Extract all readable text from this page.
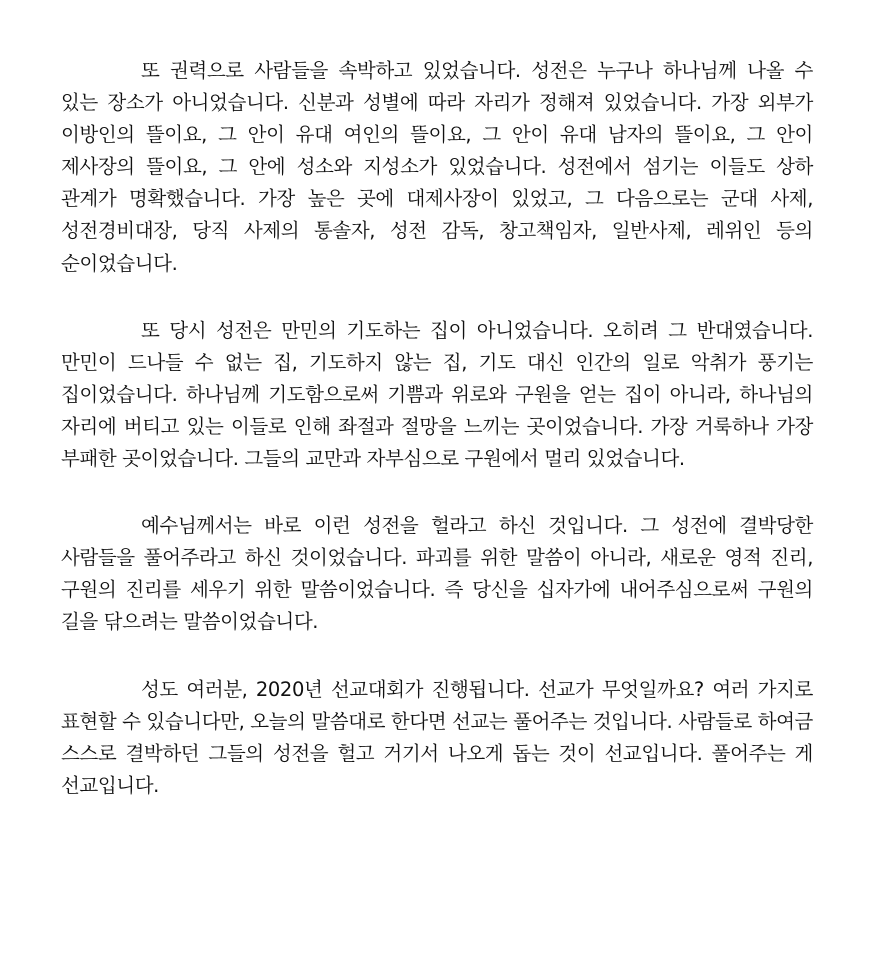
또 권력으로 사람들을 속박하고 있었습니다. 성전은 누구나 하나님께 나올 수 있는 장소가 아니었습니다. 신분과 성별에 따라 자리가 정해져 있었습니다. 가장 외부가 이방인의 뜰이요, 그 안이 유대 여인의 뜰이요, 그 안이 유대 남자의 뜰이요, 그 안이 제사장의 뜰이요, 그 안에 성소와 지성소가 있었습니다. 성전에서 섬기는 이들도 상하 관계가 명확했습니다. 가장 높은 곳에 대제사장이 있었고, 그 다음으로는 군대 사제, 성전경비대장, 당직 사제의 통솔자, 성전 감독, 창고책임자, 일반사제, 레위인 등의 순이었습니다.

또 당시 성전은 만민의 기도하는 집이 아니었습니다. 오히려 그 반대였습니다. 만민이 드나들 수 없는 집, 기도하지 않는 집, 기도 대신 인간의 일로 악취가 풍기는 집이었습니다. 하나님께 기도함으로써 기쁨과 위로와 구원을 얻는 집이 아니라, 하나님의 자리에 버티고 있는 이들로 인해 좌절과 절망을 느끼는 곳이었습니다. 가장 거룩하나 가장 부패한 곳이었습니다. 그들의 교만과 자부심으로 구원에서 멀리 있었습니다.

예수님께서는 바로 이런 성전을 헐라고 하신 것입니다. 그 성전에 결박당한 사람들을 풀어주라고 하신 것이었습니다. 파괴를 위한 말씀이 아니라, 새로운 영적 진리, 구원의 진리를 세우기 위한 말씀이었습니다. 즉 당신을 십자가에 내어주심으로써 구원의 길을 닦으려는 말씀이었습니다.

성도 여러분, 2020년 선교대회가 진행됩니다. 선교가 무엇일까요? 여러 가지로 표현할 수 있습니다만, 오늘의 말씀대로 한다면 선교는 풀어주는 것입니다. 사람들로 하여금 스스로 결박하던 그들의 성전을 헐고 거기서 나오게 돕는 것이 선교입니다. 풀어주는 게 선교입니다.
